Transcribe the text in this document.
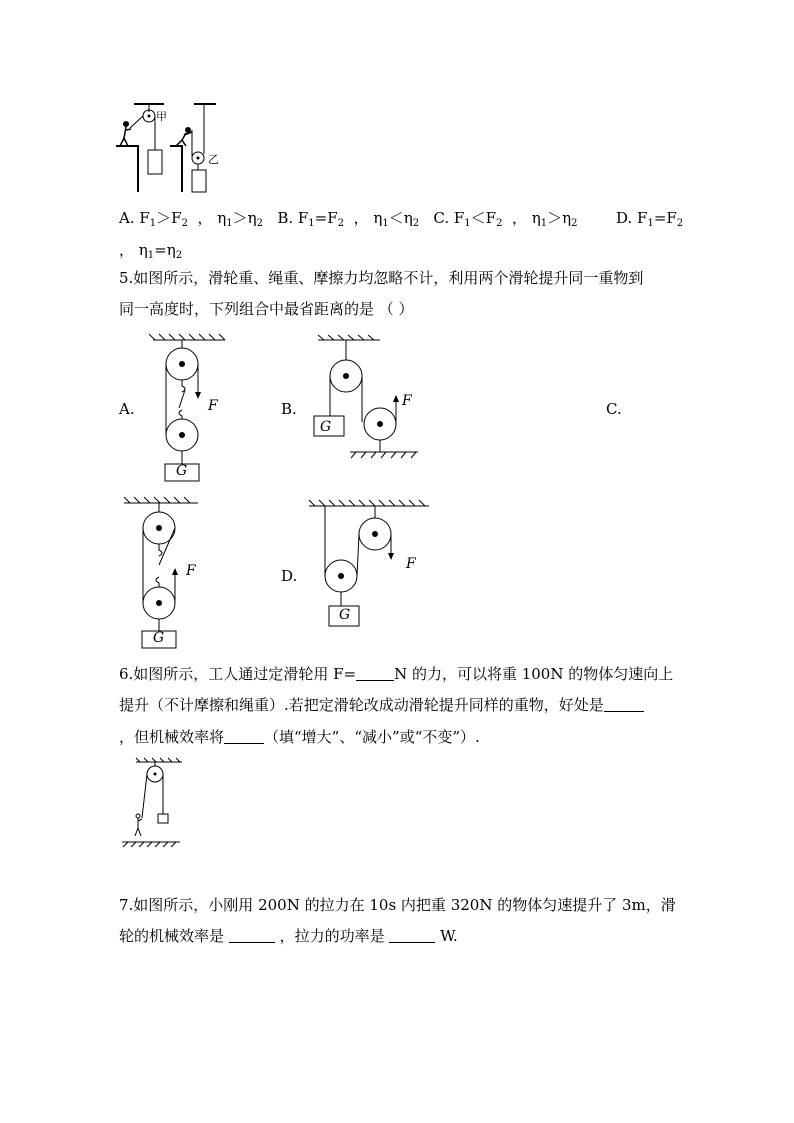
甲
乙
A. $F_1>F_2$ ， $\eta_1>\eta_2$ B. $F_1=F_2$ ， $\eta_1<\eta_2$ C. $F_1<F_2$ ， $\eta_1>\eta_2$	D. $F_1=F_2$
， $\eta_1=\eta_2$
5.如图所示，滑轮重、绳重、摩擦力均忽略不计，利用两个滑轮提升同一重物到
同一高度时，下列组合中最省距离的是 （ ）
A.	F
G
B.	F
G
C.
F
G
D.
F
G
6.如图所示，工人通过定滑轮用 F=	N 的力，可以将重 100N 的物体匀速向上
提升（不计摩擦和绳重）.若把定滑轮改成动滑轮提升同样的重物，好处是
，但机械效率将	（填“增大”、“减小”或“不变”）.
7.如图所示，小刚用 200N 的拉力在 10s 内把重 320N 的物体匀速提升了 3m，滑
轮的机械效率是	，拉力的功率是	W.
